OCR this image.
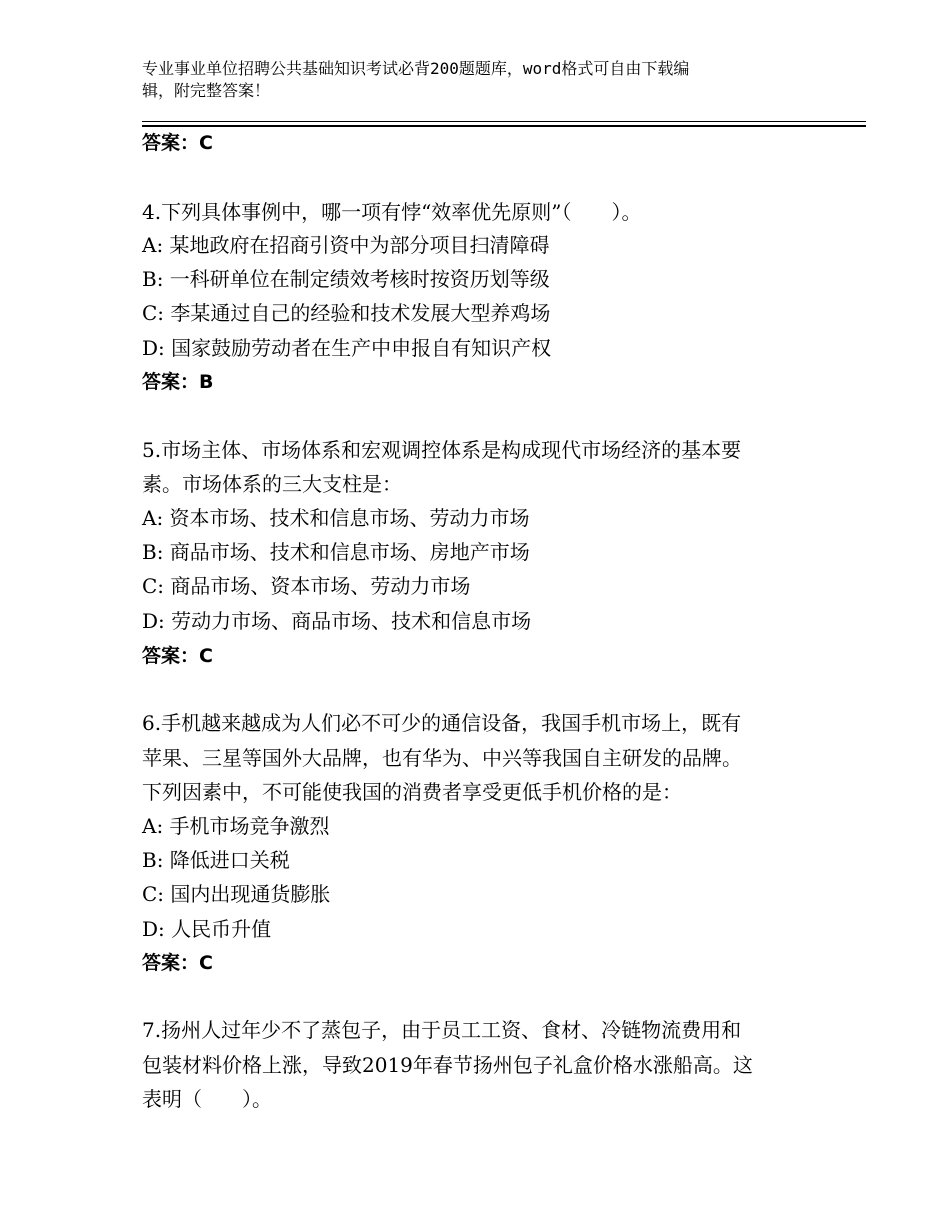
专业事业单位招聘公共基础知识考试必背200题题库，word格式可自由下载编
辑，附完整答案！
答案：C
4.下列具体事例中，哪一项有悖“效率优先原则”（　　）。
A: 某地政府在招商引资中为部分项目扫清障碍
B: 一科研单位在制定绩效考核时按资历划等级
C: 李某通过自己的经验和技术发展大型养鸡场
D: 国家鼓励劳动者在生产中申报自有知识产权
答案：B
5.市场主体、市场体系和宏观调控体系是构成现代市场经济的基本要
素。市场体系的三大支柱是：
A: 资本市场、技术和信息市场、劳动力市场
B: 商品市场、技术和信息市场、房地产市场
C: 商品市场、资本市场、劳动力市场
D: 劳动力市场、商品市场、技术和信息市场
答案：C
6.手机越来越成为人们必不可少的通信设备，我国手机市场上，既有
苹果、三星等国外大品牌，也有华为、中兴等我国自主研发的品牌。
下列因素中，不可能使我国的消费者享受更低手机价格的是：
A: 手机市场竞争激烈
B: 降低进口关税
C: 国内出现通货膨胀
D: 人民币升值
答案：C
7.扬州人过年少不了蒸包子，由于员工工资、食材、冷链物流费用和
包装材料价格上涨，导致2019年春节扬州包子礼盒价格水涨船高。这
表明（　　）。
